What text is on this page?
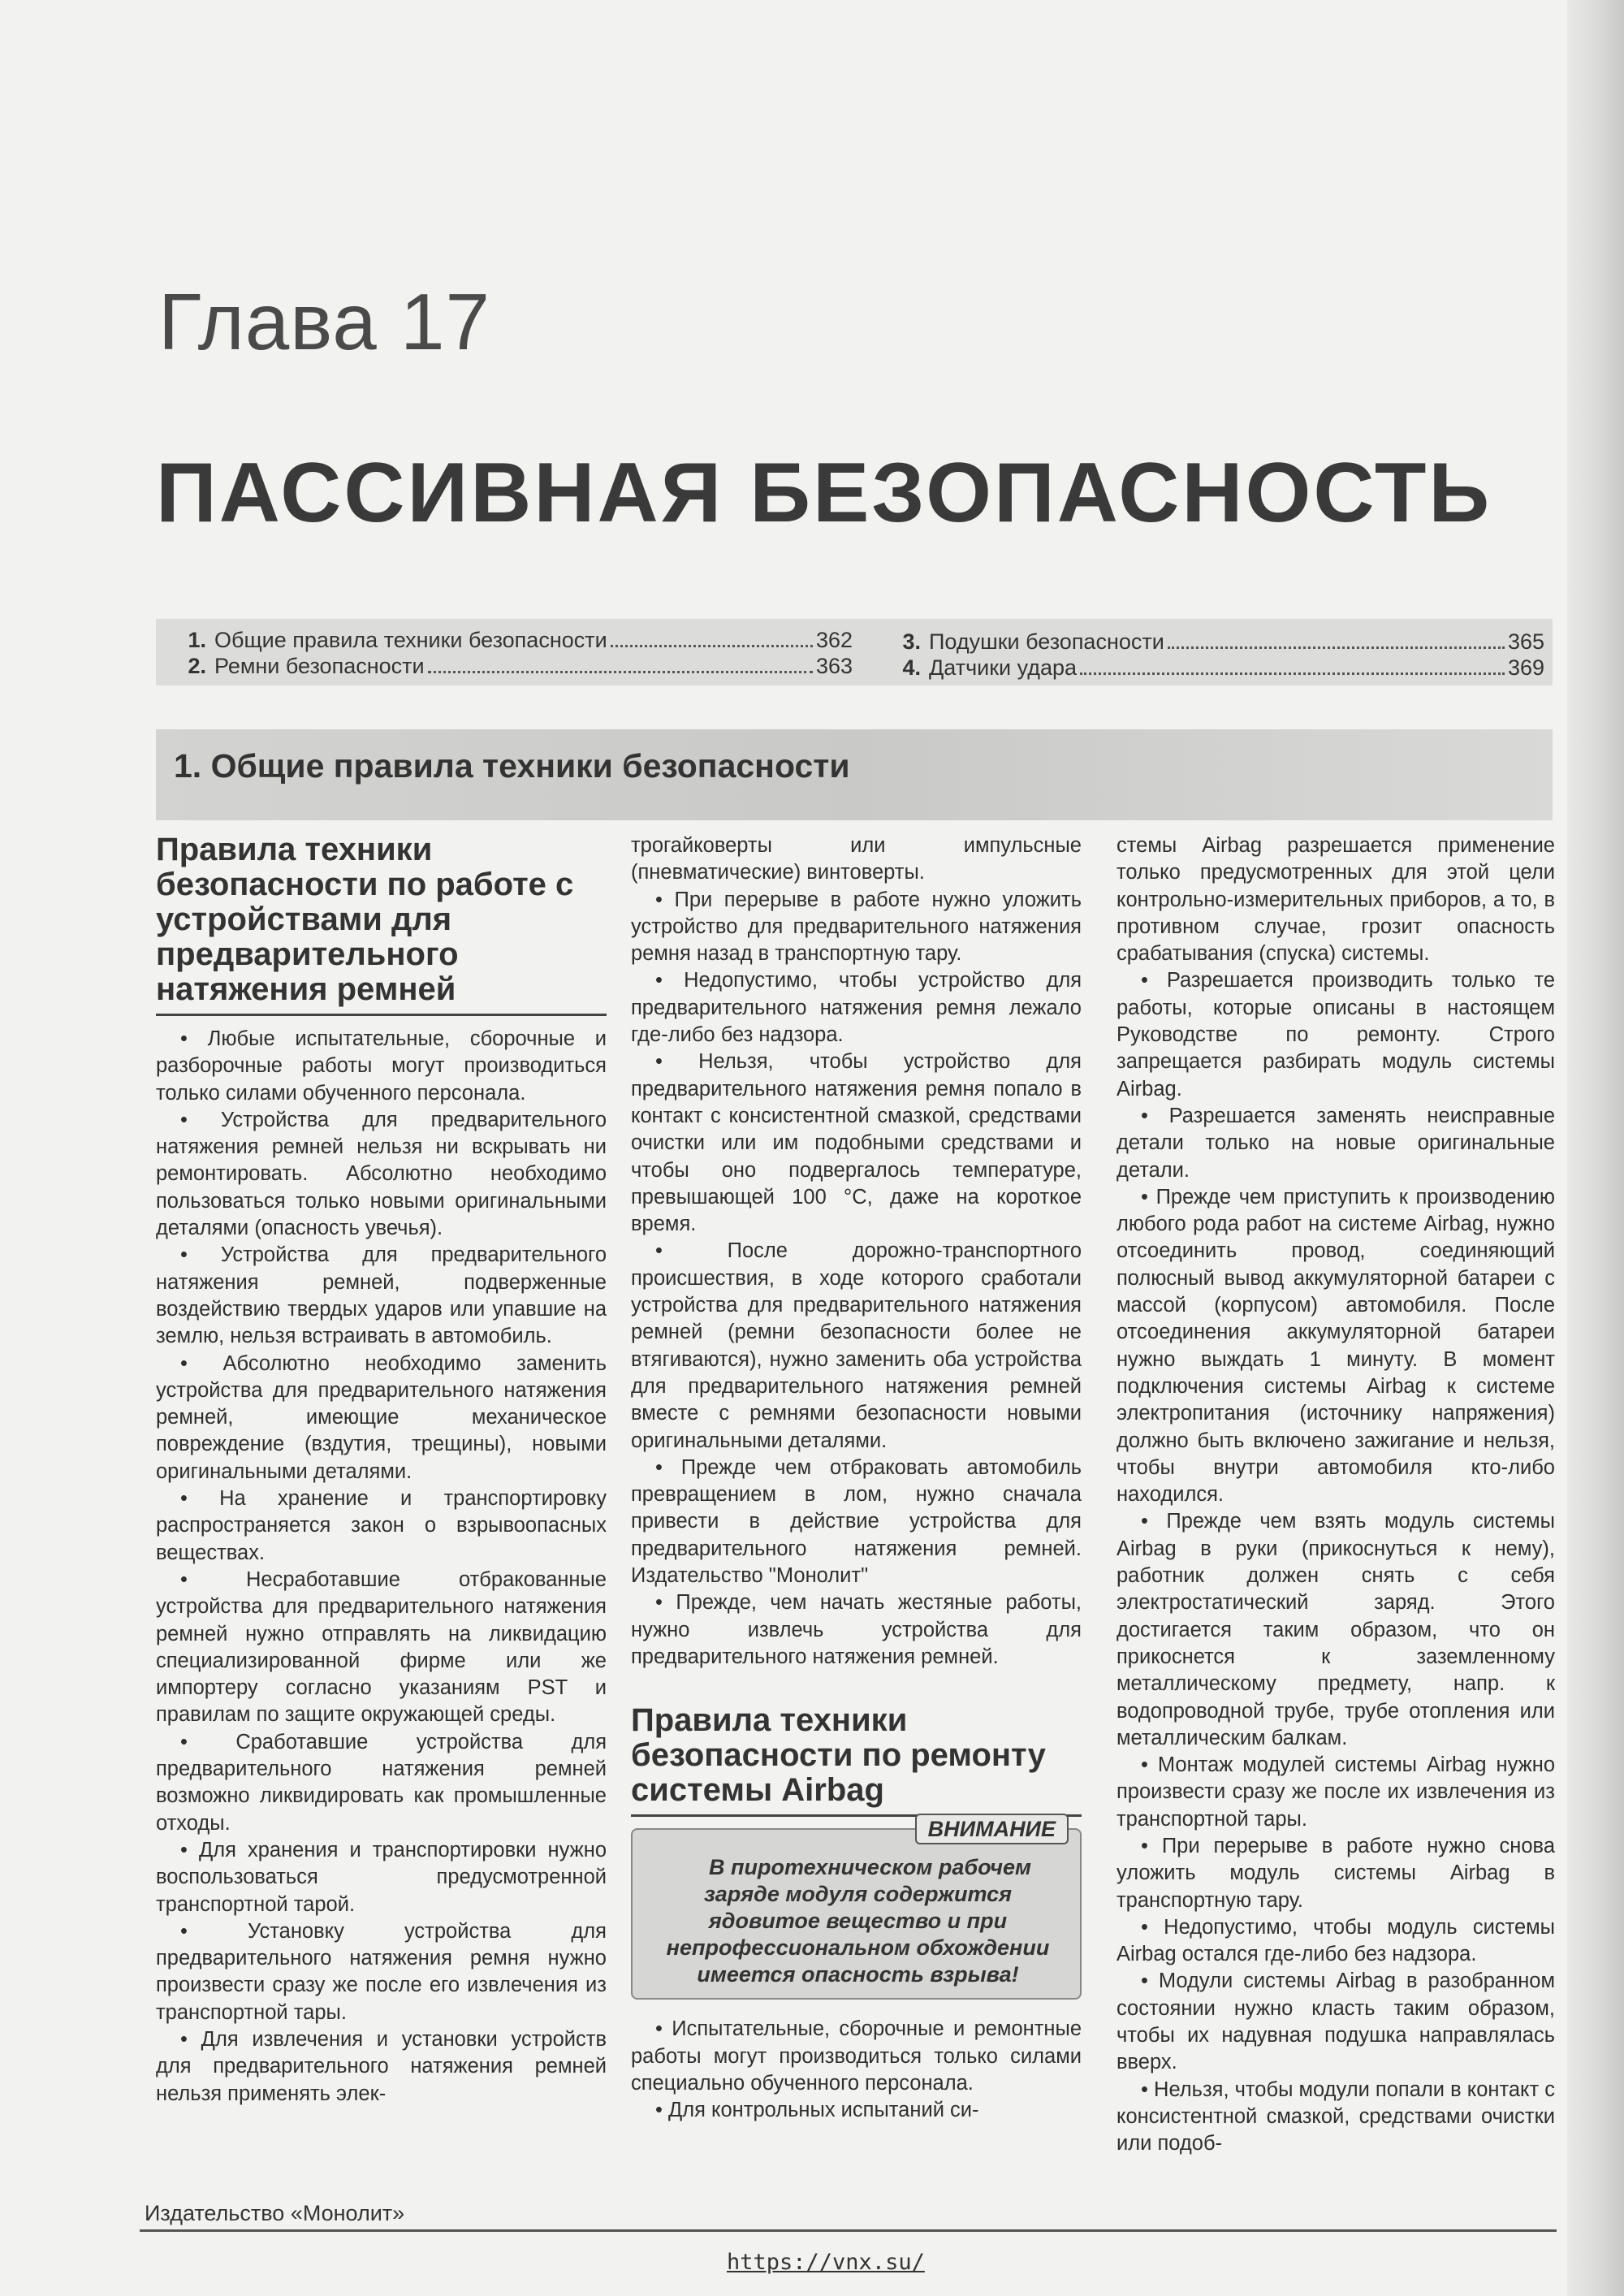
Глава 17
ПАССИВНАЯ БЕЗОПАСНОСТЬ
1. Общие правила техники безопасности	362
2. Ремни безопасности	363
3. Подушки безопасности	365
4. Датчики удара	369
1. Общие правила техники безопасности
Правила техники безопасности по работе с устройствами для предварительного натяжения ремней

• Любые испытательные, сборочные и разборочные работы могут производиться только силами обученного персонала.

• Устройства для предварительного натяжения ремней нельзя ни вскрывать ни ремонтировать. Абсолютно необходимо пользоваться только новыми оригинальными деталями (опасность увечья).

• Устройства для предварительного натяжения ремней, подверженные воздействию твердых ударов или упавшие на землю, нельзя встраивать в автомобиль.

• Абсолютно необходимо заменить устройства для предварительного натяжения ремней, имеющие механическое повреждение (вздутия, трещины), новыми оригинальными деталями.

• На хранение и транспортировку распространяется закон о взрывоопасных веществах.

• Несработавшие отбракованные устройства для предварительного натяжения ремней нужно отправлять на ликвидацию специализированной фирме или же импортеру согласно указаниям PST и правилам по защите окружающей среды.

• Сработавшие устройства для предварительного натяжения ремней возможно ликвидировать как промышленные отходы.

• Для хранения и транспортировки нужно воспользоваться предусмотренной транспортной тарой.

• Установку устройства для предварительного натяжения ремня нужно произвести сразу же после его извлечения из транспортной тары.

• Для извлечения и установки устройств для предварительного натяжения ремней нельзя применять элек-

трогайковерты или импульсные (пневматические) винтоверты.

• При перерыве в работе нужно уложить устройство для предварительного натяжения ремня назад в транспортную тару.

• Недопустимо, чтобы устройство для предварительного натяжения ремня лежало где-либо без надзора.

• Нельзя, чтобы устройство для предварительного натяжения ремня попало в контакт с консистентной смазкой, средствами очистки или им подобными средствами и чтобы оно подвергалось температуре, превышающей 100 °С, даже на короткое время.

• После дорожно-транспортного происшествия, в ходе которого сработали устройства для предварительного натяжения ремней (ремни безопасности более не втягиваются), нужно заменить оба устройства для предварительного натяжения ремней вместе с ремнями безопасности новыми оригинальными деталями.

• Прежде чем отбраковать автомобиль превращением в лом, нужно сначала привести в действие устройства для предварительного натяжения ремней. Издательство "Монолит"

• Прежде, чем начать жестяные работы, нужно извлечь устройства для предварительного натяжения ремней.

Правила техники безопасности по ремонту системы Airbag
ВНИМАНИЕ

В пиротехническом рабочем заряде модуля содержится ядовитое вещество и при непрофессиональном обхождении имеется опасность взрыва!

• Испытательные, сборочные и ремонтные работы могут производиться только силами специально обученного персонала.

• Для контрольных испытаний си-

стемы Airbag разрешается применение только предусмотренных для этой цели контрольно-измерительных приборов, а то, в противном случае, грозит опасность срабатывания (спуска) системы.

• Разрешается производить только те работы, которые описаны в настоящем Руководстве по ремонту. Строго запрещается разбирать модуль системы Airbag.

• Разрешается заменять неисправные детали только на новые оригинальные детали.

• Прежде чем приступить к производению любого рода работ на системе Airbag, нужно отсоединить провод, соединяющий полюсный вывод аккумуляторной батареи с массой (корпусом) автомобиля. После отсоединения аккумуляторной батареи нужно выждать 1 минуту. В момент подключения системы Airbag к системе электропитания (источнику напряжения) должно быть включено зажигание и нельзя, чтобы внутри автомобиля кто-либо находился.

• Прежде чем взять модуль системы Airbag в руки (прикоснуться к нему), работник должен снять с себя электростатический заряд. Этого достигается таким образом, что он прикоснется к заземленному металлическому предмету, напр. к водопроводной трубе, трубе отопления или металлическим балкам.

• Монтаж модулей системы Airbag нужно произвести сразу же после их извлечения из транспортной тары.

• При перерыве в работе нужно снова уложить модуль системы Airbag в транспортную тару.

• Недопустимо, чтобы модуль системы Airbag остался где-либо без надзора.

• Модули системы Airbag в разобранном состоянии нужно класть таким образом, чтобы их надувная подушка направлялась вверх.

• Нельзя, чтобы модули попали в контакт с консистентной смазкой, средствами очистки или подоб-

Издательство «Монолит»
https://vnx.su/
